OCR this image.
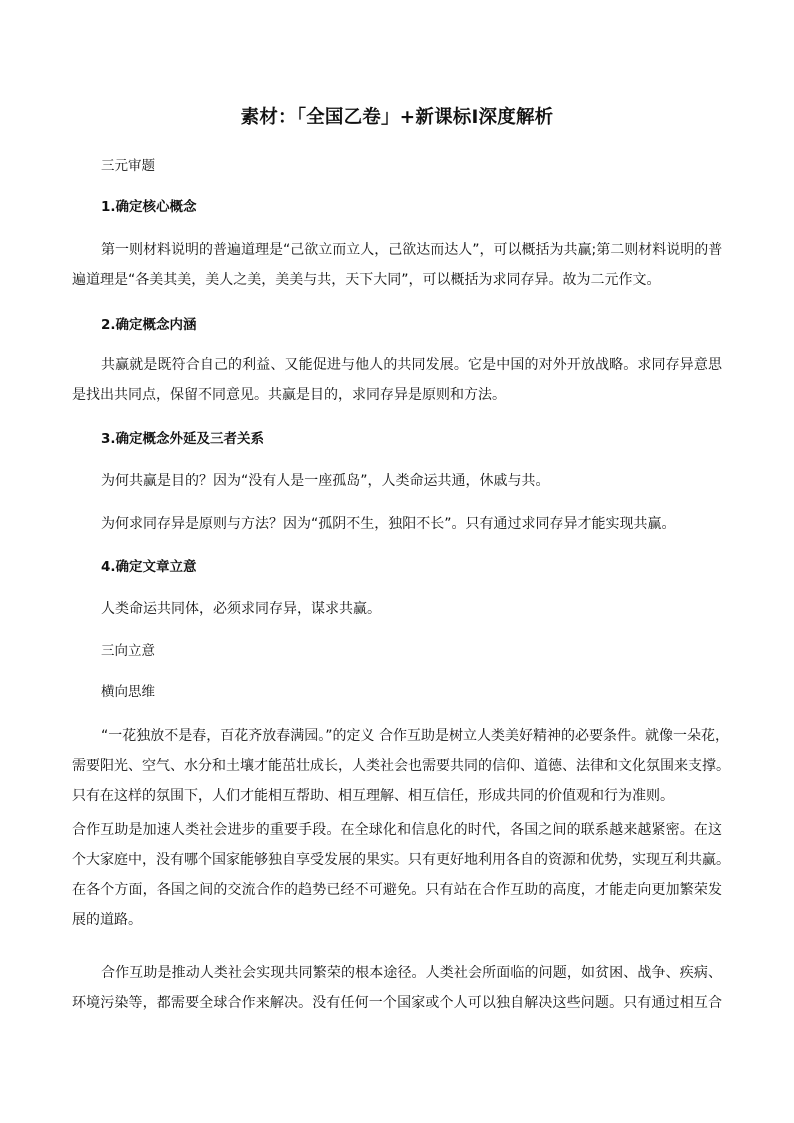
素材：「全国乙卷」+新课标Ⅰ深度解析
三元审题
1.确定核心概念
第一则材料说明的普遍道理是“己欲立而立人，己欲达而达人”，可以概括为共赢;第二则材料说明的普
遍道理是“各美其美，美人之美，美美与共，天下大同”，可以概括为求同存异。故为二元作文。
2.确定概念内涵
共赢就是既符合自己的利益、又能促进与他人的共同发展。它是中国的对外开放战略。求同存异意思
是找出共同点，保留不同意见。共赢是目的，求同存异是原则和方法。
3.确定概念外延及三者关系
为何共赢是目的？因为“没有人是一座孤岛”，人类命运共通，休戚与共。
为何求同存异是原则与方法？因为“孤阴不生，独阳不长”。只有通过求同存异才能实现共赢。
4.确定文章立意
人类命运共同体，必须求同存异，谋求共赢。
三向立意
横向思维
“一花独放不是春，百花齐放春满园。”的定义 合作互助是树立人类美好精神的必要条件。就像一朵花，
需要阳光、空气、水分和土壤才能茁壮成长，人类社会也需要共同的信仰、道德、法律和文化氛围来支撑。
只有在这样的氛围下，人们才能相互帮助、相互理解、相互信任，形成共同的价值观和行为准则。
合作互助是加速人类社会进步的重要手段。在全球化和信息化的时代，各国之间的联系越来越紧密。在这
个大家庭中，没有哪个国家能够独自享受发展的果实。只有更好地利用各自的资源和优势，实现互利共赢。
在各个方面，各国之间的交流合作的趋势已经不可避免。只有站在合作互助的高度，才能走向更加繁荣发
展的道路。
合作互助是推动人类社会实现共同繁荣的根本途径。人类社会所面临的问题，如贫困、战争、疾病、
环境污染等，都需要全球合作来解决。没有任何一个国家或个人可以独自解决这些问题。只有通过相互合
